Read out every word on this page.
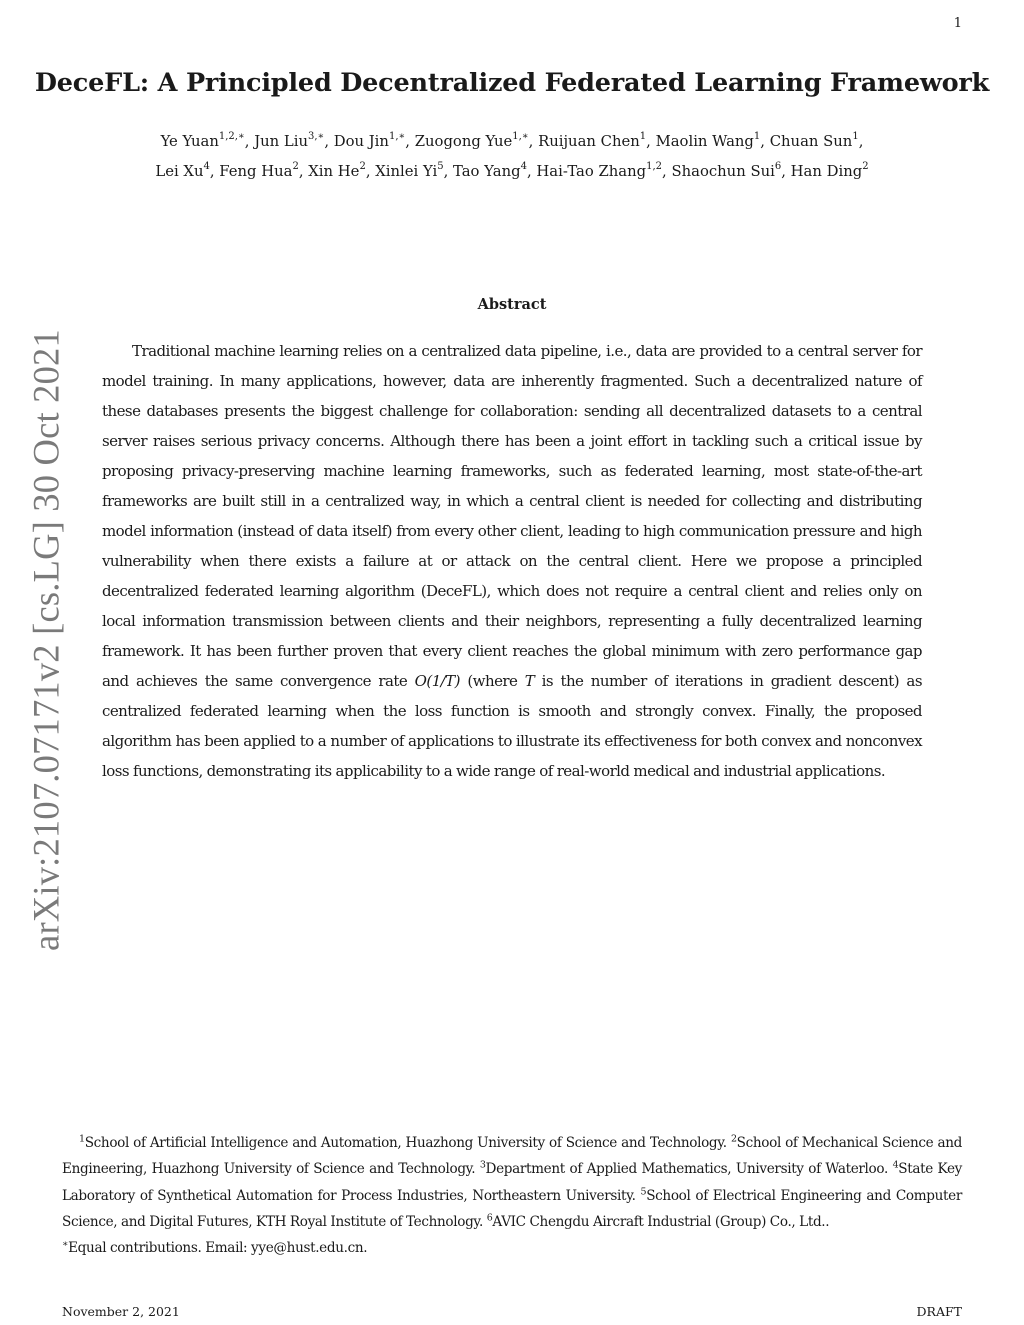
1
DeceFL: A Principled Decentralized Federated Learning Framework
Ye Yuan$^{1,2,∗}$, Jun Liu$^{3,∗}$, Dou Jin$^{1,∗}$, Zuogong Yue$^{1,∗}$, Ruijuan Chen$^1$, Maolin Wang$^1$, Chuan Sun$^1$,
Lei Xu$^4$, Feng Hua$^2$, Xin He$^2$, Xinlei Yi$^5$, Tao Yang$^4$, Hai-Tao Zhang$^{1,2}$, Shaochun Sui$^6$, Han Ding$^2$
arXiv:2107.07171v2 [cs.LG] 30 Oct 2021
Abstract

Traditional machine learning relies on a centralized data pipeline, i.e., data are provided to a central server for model training. In many applications, however, data are inherently fragmented. Such a decentralized nature of these databases presents the biggest challenge for collaboration: sending all decentralized datasets to a central server raises serious privacy concerns. Although there has been a joint effort in tackling such a critical issue by proposing privacy-preserving machine learning frameworks, such as federated learning, most state-of-the-art frameworks are built still in a centralized way, in which a central client is needed for collecting and distributing model information (instead of data itself) from every other client, leading to high communication pressure and high vulnerability when there exists a failure at or attack on the central client. Here we propose a principled decentralized federated learning algorithm (DeceFL), which does not require a central client and relies only on local information transmission between clients and their neighbors, representing a fully decentralized learning framework. It has been further proven that every client reaches the global minimum with zero performance gap and achieves the same convergence rate O(1/T) (where T is the number of iterations in gradient descent) as centralized federated learning when the loss function is smooth and strongly convex. Finally, the proposed algorithm has been applied to a number of applications to illustrate its effectiveness for both convex and nonconvex loss functions, demonstrating its applicability to a wide range of real-world medical and industrial applications.

$^1$School of Artificial Intelligence and Automation, Huazhong University of Science and Technology. $^2$School of Mechanical Science and Engineering, Huazhong University of Science and Technology. $^3$Department of Applied Mathematics, University of Waterloo. $^4$State Key Laboratory of Synthetical Automation for Process Industries, Northeastern University. $^5$School of Electrical Engineering and Computer Science, and Digital Futures, KTH Royal Institute of Technology. $^6$AVIC Chengdu Aircraft Industrial (Group) Co., Ltd..

∗Equal contributions. Email: yye@hust.edu.cn.

November 2, 2021	DRAFT
